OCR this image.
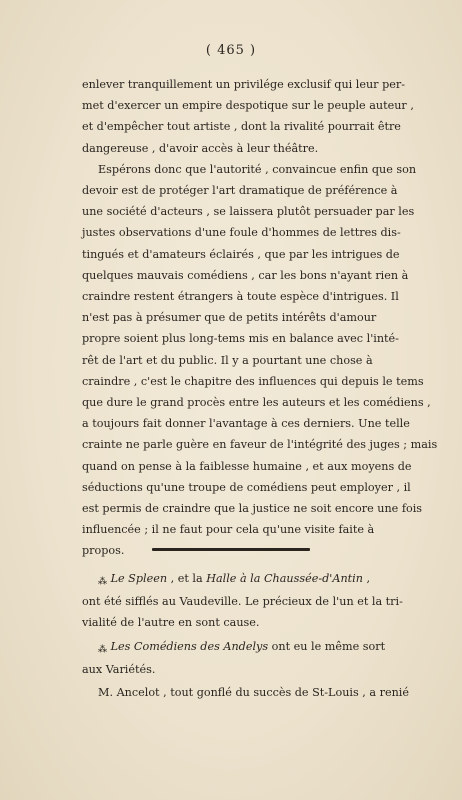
( 465 )
enlever tranquillement un privilége exclusif qui leur per-
met d'exercer un empire despotique sur le peuple auteur ,
et d'empêcher tout artiste , dont la rivalité pourrait être
dangereuse , d'avoir accès à leur théâtre.
Espérons donc que l'autorité , convaincue enfin que son
devoir est de protéger l'art dramatique de préférence à
une société d'acteurs , se laissera plutôt persuader par les
justes observations d'une foule d'hommes de lettres dis-
tingués et d'amateurs éclairés , que par les intrigues de
quelques mauvais comédiens , car les bons n'ayant rien à
craindre restent étrangers à toute espèce d'intrigues. Il
n'est pas à présumer que de petits intérêts d'amour
propre soient plus long-tems mis en balance avec l'inté-
rêt de l'art et du public. Il y a pourtant une chose à
craindre , c'est le chapitre des influences qui depuis le tems
que dure le grand procès entre les auteurs et les comédiens ,
a toujours fait donner l'avantage à ces derniers. Une telle
crainte ne parle guère en faveur de l'intégrité des juges ; mais
quand on pense à la faiblesse humaine , et aux moyens de
séductions qu'une troupe de comédiens peut employer , il
est permis de craindre que la justice ne soit encore une fois
influencée ; il ne faut pour cela qu'une visite faite à
propos.
⁂ Le Spleen , et la Halle à la Chaussée-d'Antin ,
ont été sifflés au Vaudeville. Le précieux de l'un et la tri-
vialité de l'autre en sont cause.
⁂ Les Comédiens des Andelys ont eu le même sort
aux Variétés.
M. Ancelot , tout gonflé du succès de St-Louis , a renié
